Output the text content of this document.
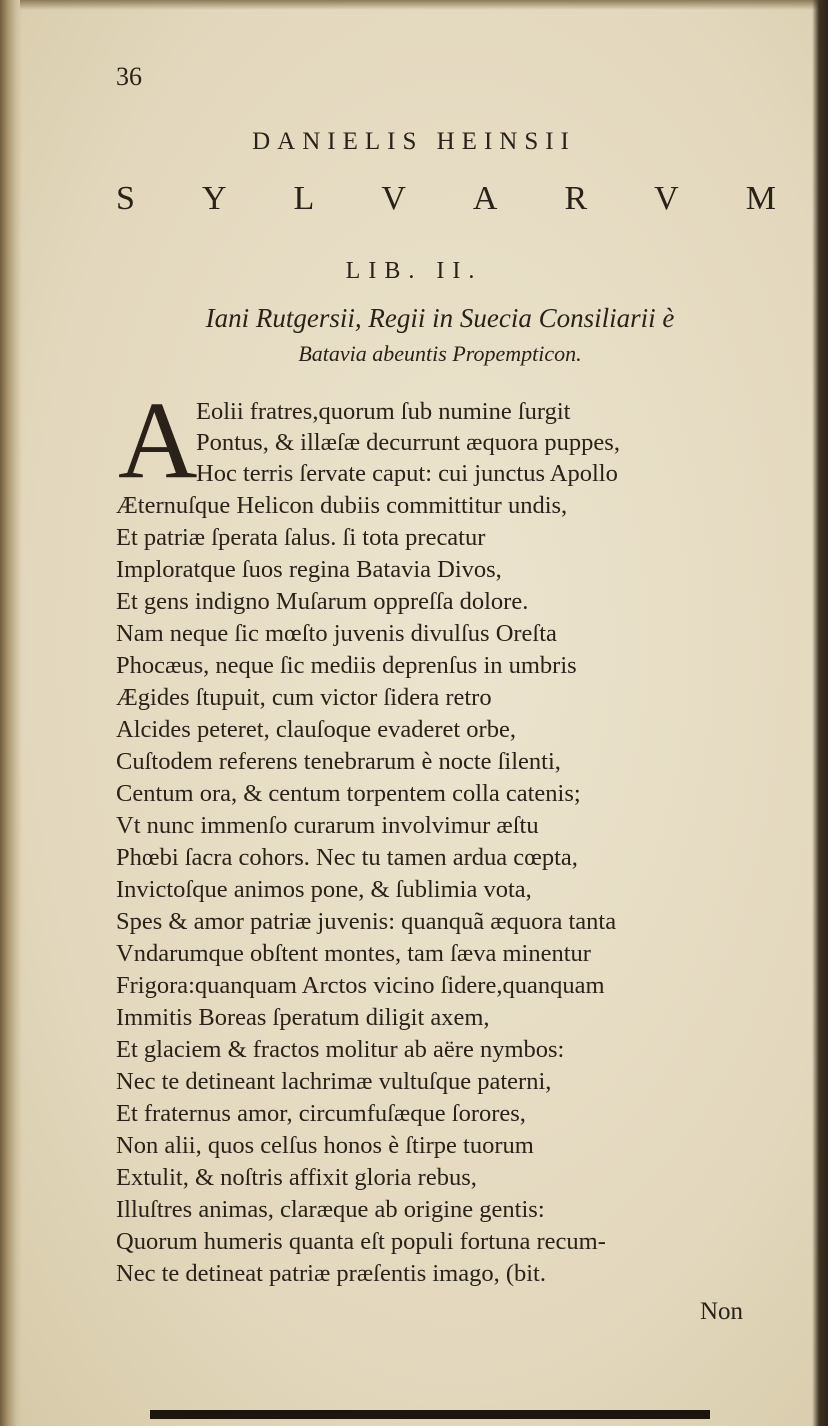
36
DANIELIS HEINSII
S Y L V A R V M
LIB. II.
Iani Rutgersii, Regii in Suecia Consiliarii è
Batavia abeuntis Propempticon.
A
Eolii fratres,quorum ſub numine ſurgit
Pontus, & illæſæ decurrunt æquora puppes,
Hoc terris ſervate caput: cui junctus Apollo
Æternuſque Helicon dubiis committitur undis,
Et patriæ ſperata ſalus. ſi tota precatur
Imploratque ſuos regina Batavia Divos,
Et gens indigno Muſarum oppreſſa dolore.
Nam neque ſic mœſto juvenis divulſus Oreſta
Phocæus, neque ſic mediis deprenſus in umbris
Ægides ſtupuit, cum victor ſidera retro
Alcides peteret, clauſoque evaderet orbe,
Cuſtodem referens tenebrarum è nocte ſilenti,
Centum ora, & centum torpentem colla catenis;
Vt nunc immenſo curarum involvimur æſtu
Phœbi ſacra cohors. Nec tu tamen ardua cœpta,
Invictoſque animos pone, & ſublimia vota,
Spes & amor patriæ juvenis: quanquã æquora tanta
Vndarumque obſtent montes, tam ſæva minentur
Frigora:quanquam Arctos vicino ſidere,quanquam
Immitis Boreas ſperatum diligit axem,
Et glaciem & fractos molitur ab aëre nymbos:
Nec te detineant lachrimæ vultuſque paterni,
Et fraternus amor, circumfuſæque ſorores,
Non alii, quos celſus honos è ſtirpe tuorum
Extulit, & noſtris affixit gloria rebus,
Illuſtres animas, claræque ab origine gentis:
Quorum humeris quanta eſt populi fortuna recum-
Nec te detineat patriæ præſentis imago, (bit.
Non
